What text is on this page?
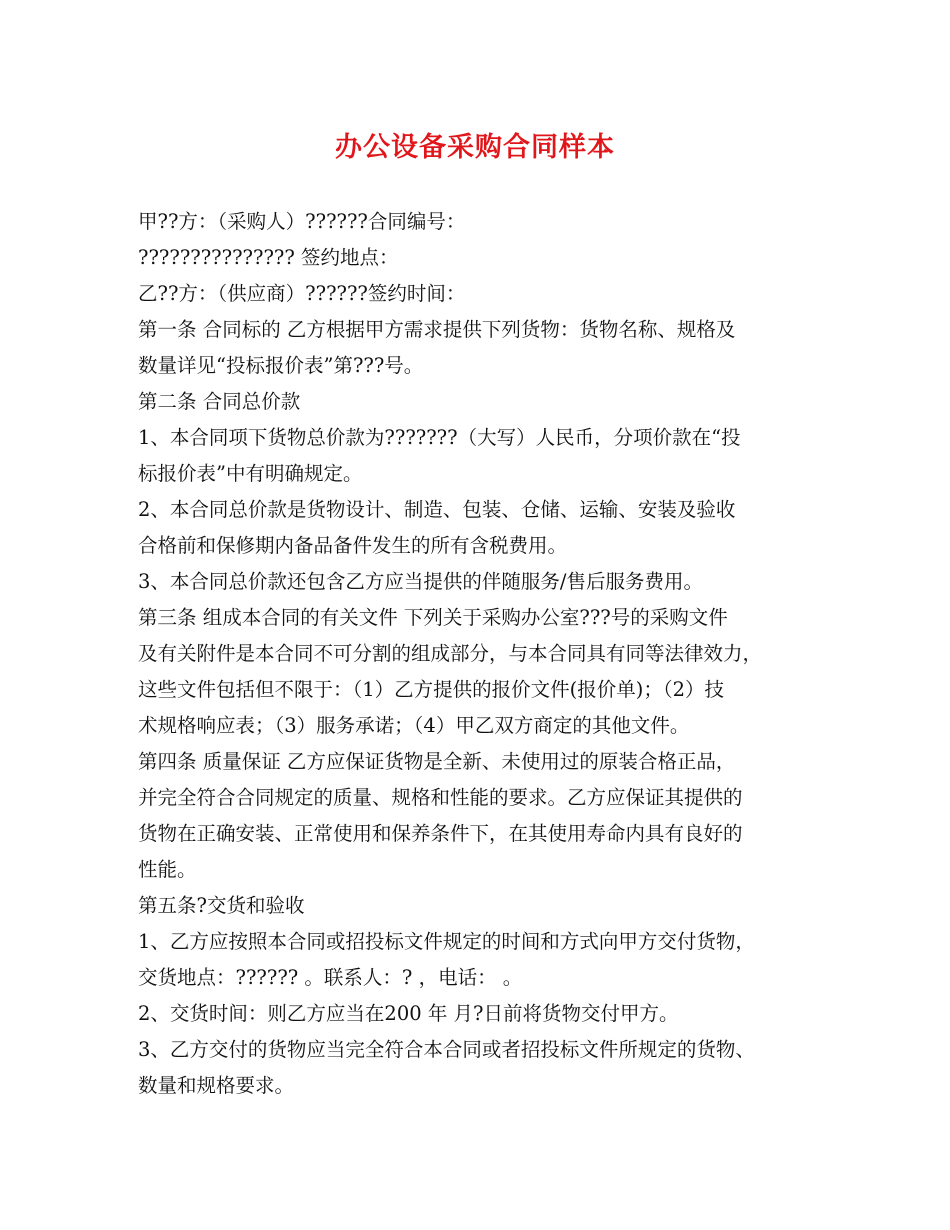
办公设备采购合同样本
甲??方：（采购人）??????合同编号：
??????????????? 签约地点：
乙??方：（供应商）??????签约时间：
第一条 合同标的 乙方根据甲方需求提供下列货物：货物名称、规格及
数量详见“投标报价表”第???号。
第二条 合同总价款
1、本合同项下货物总价款为???????（大写）人民币，分项价款在“投
标报价表”中有明确规定。
2、本合同总价款是货物设计、制造、包装、仓储、运输、安装及验收
合格前和保修期内备品备件发生的所有含税费用。
3、本合同总价款还包含乙方应当提供的伴随服务/售后服务费用。
第三条 组成本合同的有关文件 下列关于采购办公室???号的采购文件
及有关附件是本合同不可分割的组成部分，与本合同具有同等法律效力，
这些文件包括但不限于：（1）乙方提供的报价文件(报价单)；（2）技
术规格响应表；（3）服务承诺；（4）甲乙双方商定的其他文件。
第四条 质量保证 乙方应保证货物是全新、未使用过的原装合格正品，
并完全符合合同规定的质量、规格和性能的要求。乙方应保证其提供的
货物在正确安装、正常使用和保养条件下，在其使用寿命内具有良好的
性能。
第五条?交货和验收
1、乙方应按照本合同或招投标文件规定的时间和方式向甲方交付货物，
交货地点：?????? 。联系人：? ，电话： 。
2、交货时间：则乙方应当在200 年 月?日前将货物交付甲方。
3、乙方交付的货物应当完全符合本合同或者招投标文件所规定的货物、
数量和规格要求。
